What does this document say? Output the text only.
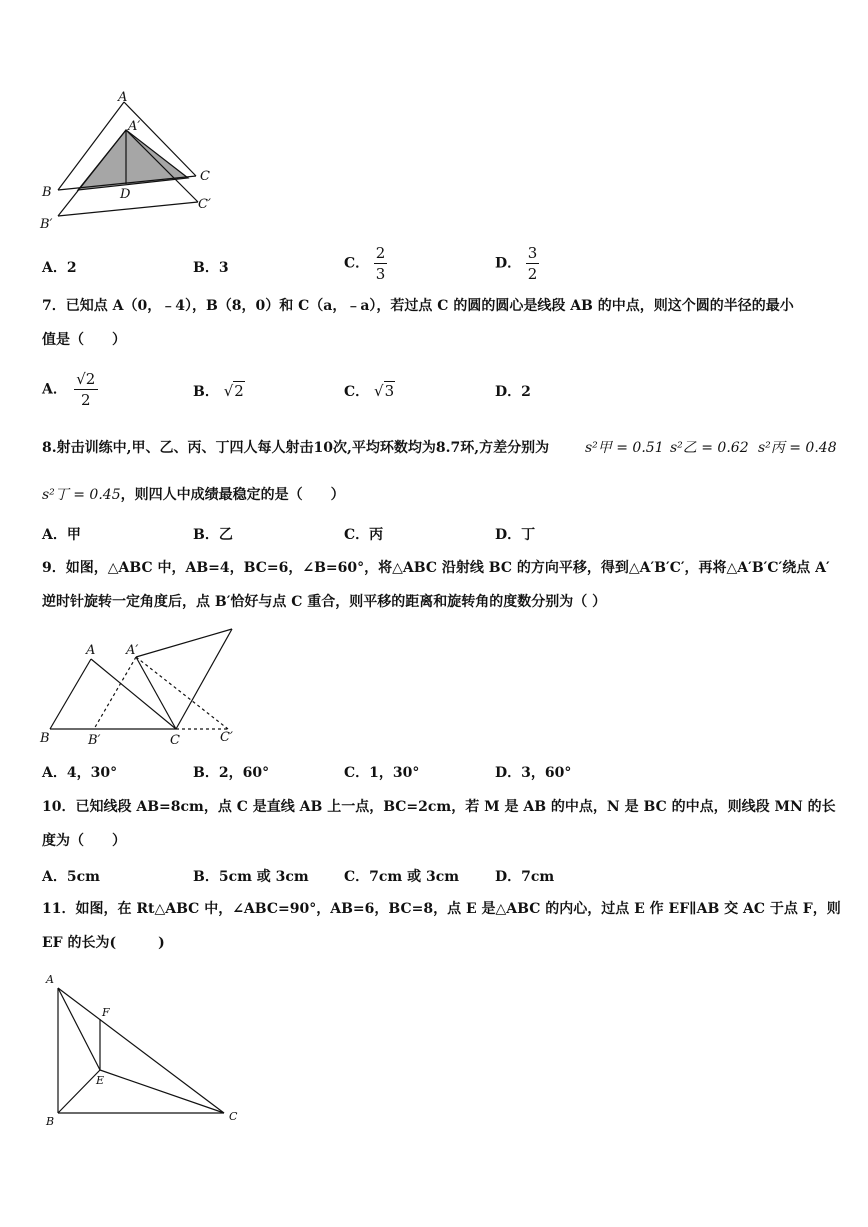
A
A′
B	D
C
B′
C′
A．2	B．3	C． $\frac{2}{3}$	D． $\frac{3}{2}$
7．已知点 A（0，﹣4），B（8，0）和 C（a，﹣a），若过点 C 的圆的圆心是线段 AB 的中点，则这个圆的半径的最小
值是（　　）
A． $\frac{√2}{2}$	B． √2	C． √3	D．2
8.射击训练中,甲、乙、丙、丁四人每人射击10次,平均环数均为8.7环,方差分别为	s²甲 = 0.51 s²乙 = 0.62 s²丙 = 0.48
s²丁 = 0.45，则四人中成绩最稳定的是（　　）
A．甲	B．乙	C．丙	D．丁
9．如图，△ABC 中，AB=4，BC=6，∠B=60°，将△ABC 沿射线 BC 的方向平移，得到△A′B′C′，再将△A′B′C′绕点 A′
逆时针旋转一定角度后，点 B′恰好与点 C 重合，则平移的距离和旋转角的度数分别为（ ）
A A′
B	B′	C	C′
A．4，30°	B．2，60°	C．1，30°	D．3，60°
10．已知线段 AB=8cm，点 C 是直线 AB 上一点，BC=2cm，若 M 是 AB 的中点，N 是 BC 的中点，则线段 MN 的长
度为（　　）
A．5cm	B．5cm 或 3cm	C．7cm 或 3cm	D．7cm
11．如图，在 Rt△ABC 中，∠ABC=90°，AB=6，BC=8，点 E 是△ABC 的内心，过点 E 作 EF∥AB 交 AC 于点 F，则
EF 的长为(　　　)
A
F
E
B	C
